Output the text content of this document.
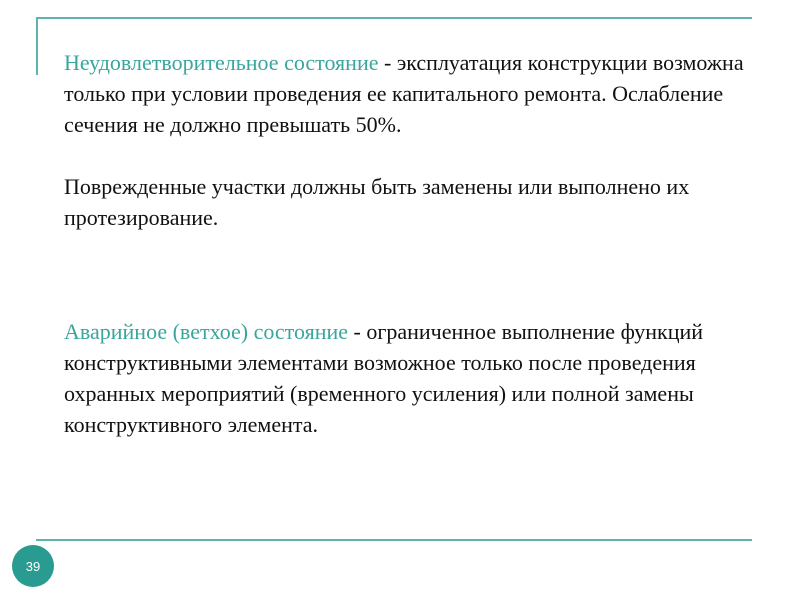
Неудовлетворительное состояние - эксплуатация конструкции возможна только при условии проведения ее капитального ремонта. Ослабление сечения не должно превышать 50%.

Поврежденные участки должны быть заменены или выполнено их протезирование.

Аварийное (ветхое) состояние - ограниченное выполнение функций конструктивными элементами возможное только после проведения охранных мероприятий (временного усиления) или полной замены конструктивного элемента.

39
